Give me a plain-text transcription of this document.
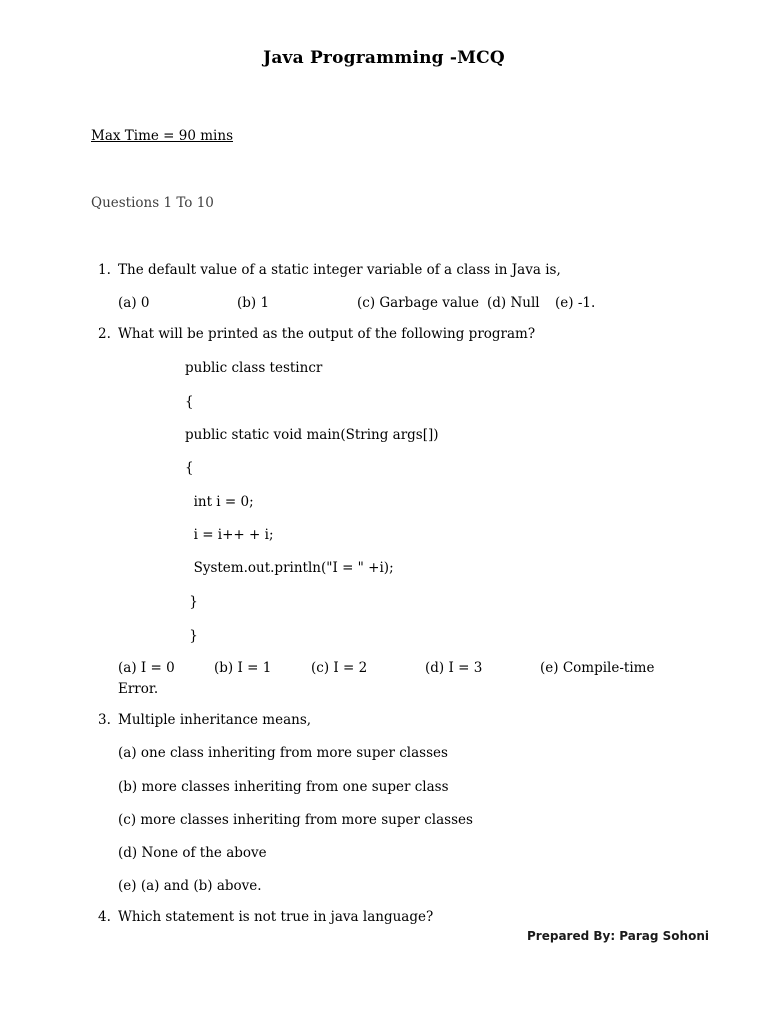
Java Programming -MCQ
Max Time = 90 mins
Questions 1 To 10
1. The default value of a static integer variable of a class in Java is,
(a) 0	(b) 1	(c) Garbage value (d) Null (e) -1.
2. What will be printed as the output of the following program?
public class testincr
{
public static void main(String args[])
{
int i = 0;
i = i++ + i;
System.out.println("I = " +i);
}
}
(a) I = 0	(b) I = 1	(c) I = 2	(d) I = 3	(e) Compile-time
Error.
3. Multiple inheritance means,
(a) one class inheriting from more super classes
(b) more classes inheriting from one super class
(c) more classes inheriting from more super classes
(d) None of the above
(e) (a) and (b) above.
4. Which statement is not true in java language?
Prepared By: Parag Sohoni
